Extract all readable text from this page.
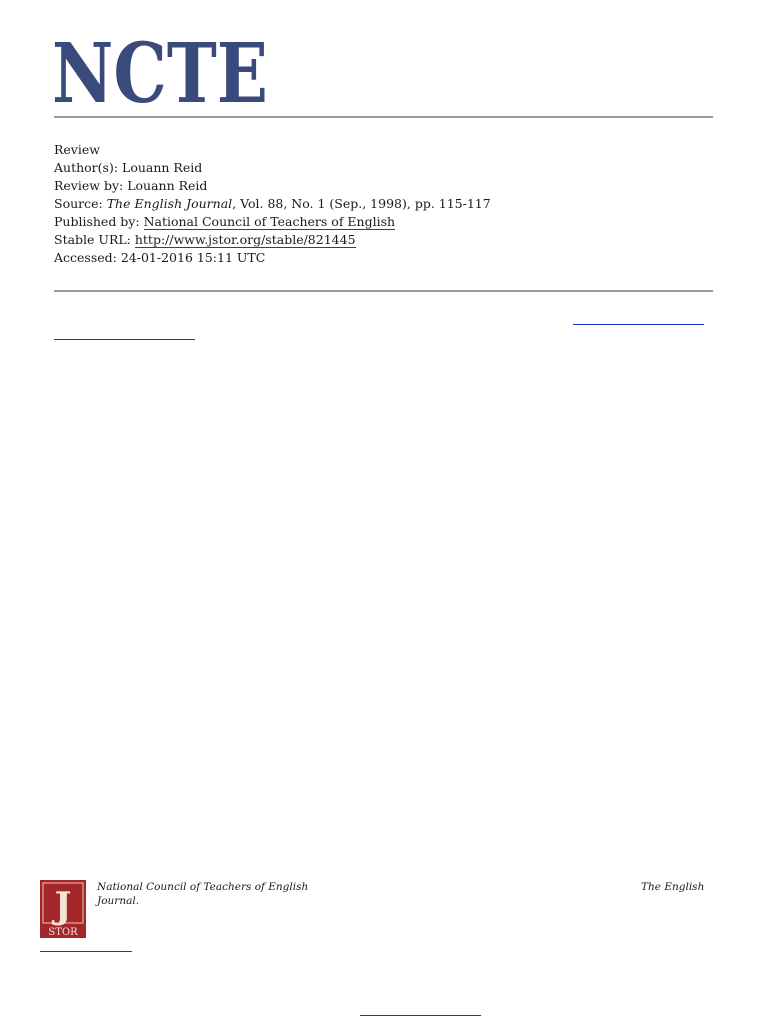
NCTE
Review
Author(s): Louann Reid
Review by: Louann Reid
Source: The English Journal, Vol. 88, No. 1 (Sep., 1998), pp. 115-117
Published by: National Council of Teachers of English
Stable URL: http://www.jstor.org/stable/821445
Accessed: 24-01-2016 15:11 UTC
J
STOR
National Council of Teachers of English
Journal.
The English
